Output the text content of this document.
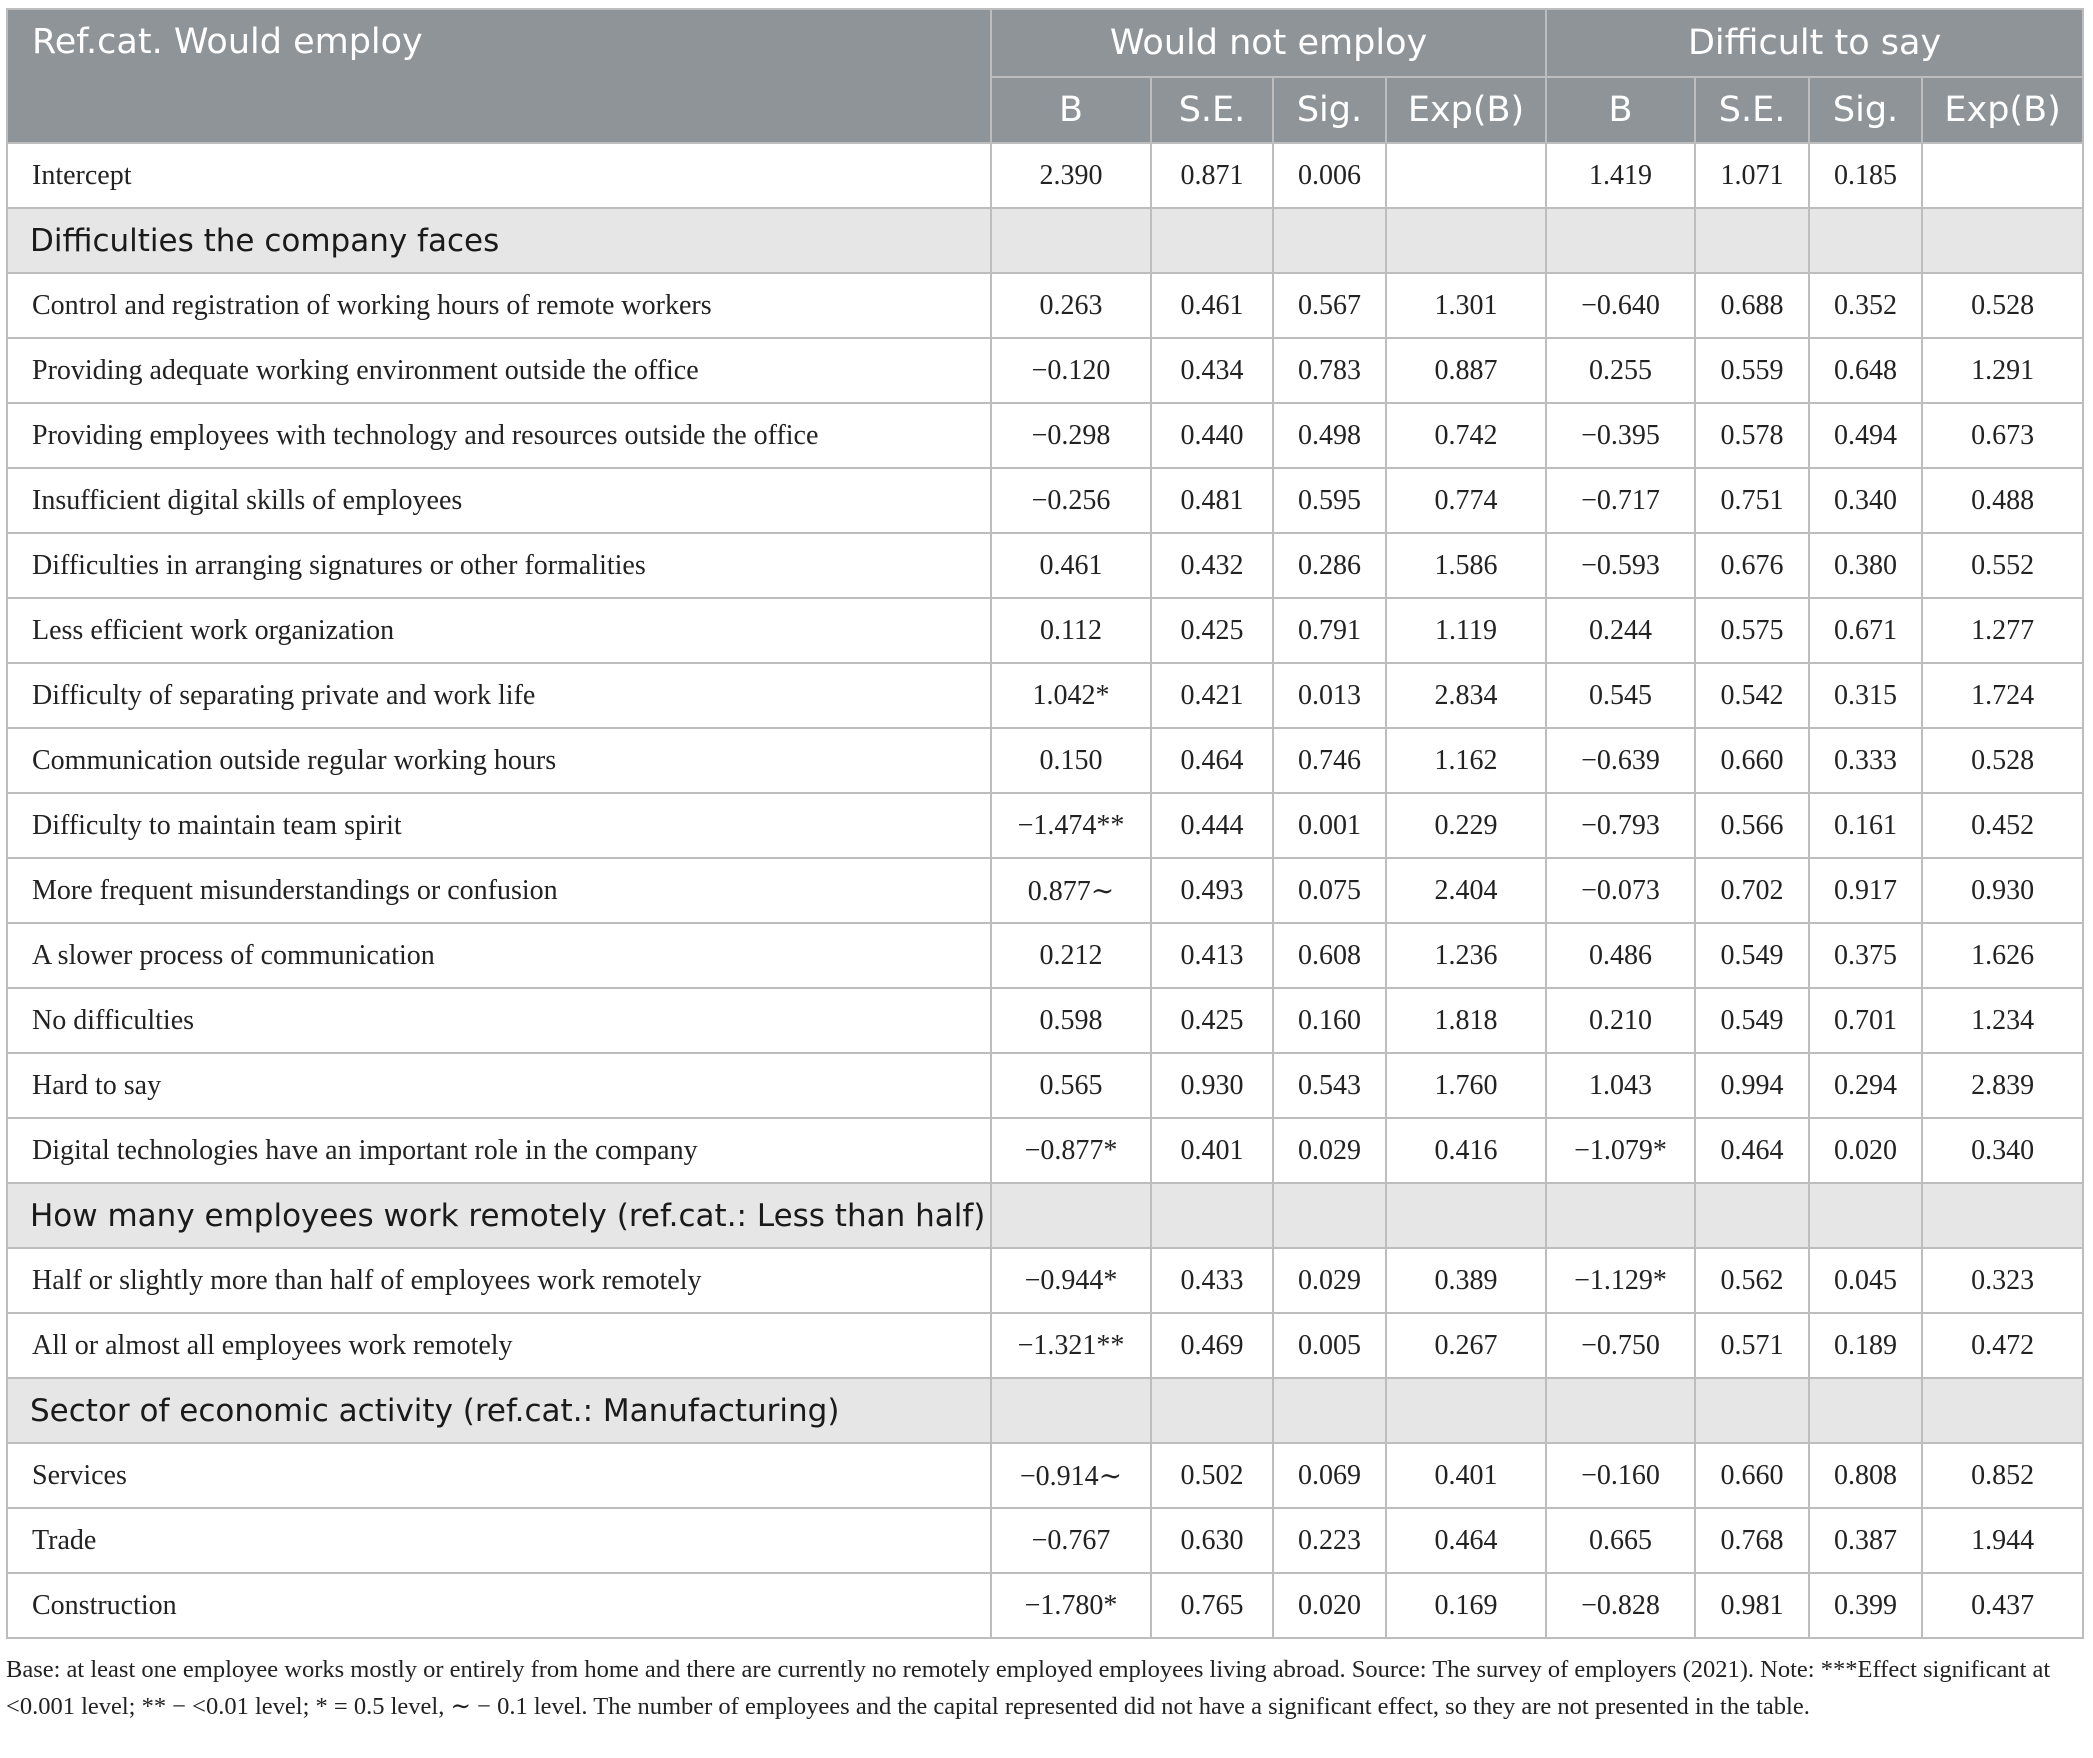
Ref.cat. Would employ	Would not employ				Difficult to say			
	B	S.E.	Sig.	Exp(B)	B	S.E.	Sig.	Exp(B)
Intercept	2.390	0.871	0.006		1.419	1.071	0.185	
Difficulties the company faces								
Control and registration of working hours of remote workers	0.263	0.461	0.567	1.301	−0.640	0.688	0.352	0.528
Providing adequate working environment outside the office	−0.120	0.434	0.783	0.887	0.255	0.559	0.648	1.291
Providing employees with technology and resources outside the office	−0.298	0.440	0.498	0.742	−0.395	0.578	0.494	0.673
Insufficient digital skills of employees	−0.256	0.481	0.595	0.774	−0.717	0.751	0.340	0.488
Difficulties in arranging signatures or other formalities	0.461	0.432	0.286	1.586	−0.593	0.676	0.380	0.552
Less efficient work organization	0.112	0.425	0.791	1.119	0.244	0.575	0.671	1.277
Difficulty of separating private and work life	1.042*	0.421	0.013	2.834	0.545	0.542	0.315	1.724
Communication outside regular working hours	0.150	0.464	0.746	1.162	−0.639	0.660	0.333	0.528
Difficulty to maintain team spirit	−1.474**	0.444	0.001	0.229	−0.793	0.566	0.161	0.452
More frequent misunderstandings or confusion	0.877∼	0.493	0.075	2.404	−0.073	0.702	0.917	0.930
A slower process of communication	0.212	0.413	0.608	1.236	0.486	0.549	0.375	1.626
No difficulties	0.598	0.425	0.160	1.818	0.210	0.549	0.701	1.234
Hard to say	0.565	0.930	0.543	1.760	1.043	0.994	0.294	2.839
Digital technologies have an important role in the company	−0.877*	0.401	0.029	0.416	−1.079*	0.464	0.020	0.340
How many employees work remotely (ref.cat.: Less than half)								
Half or slightly more than half of employees work remotely	−0.944*	0.433	0.029	0.389	−1.129*	0.562	0.045	0.323
All or almost all employees work remotely	−1.321**	0.469	0.005	0.267	−0.750	0.571	0.189	0.472
Sector of economic activity (ref.cat.: Manufacturing)								
Services	−0.914∼	0.502	0.069	0.401	−0.160	0.660	0.808	0.852
Trade	−0.767	0.630	0.223	0.464	0.665	0.768	0.387	1.944
Construction	−1.780*	0.765	0.020	0.169	−0.828	0.981	0.399	0.437
Base: at least one employee works mostly or entirely from home and there are currently no remotely employed employees living abroad. Source: The survey of employers (2021). Note: ***Effect significant at <0.001 level; ** − <0.01 level; * = 0.5 level, ∼ − 0.1 level. The number of employees and the capital represented did not have a significant effect, so they are not presented in the table.
